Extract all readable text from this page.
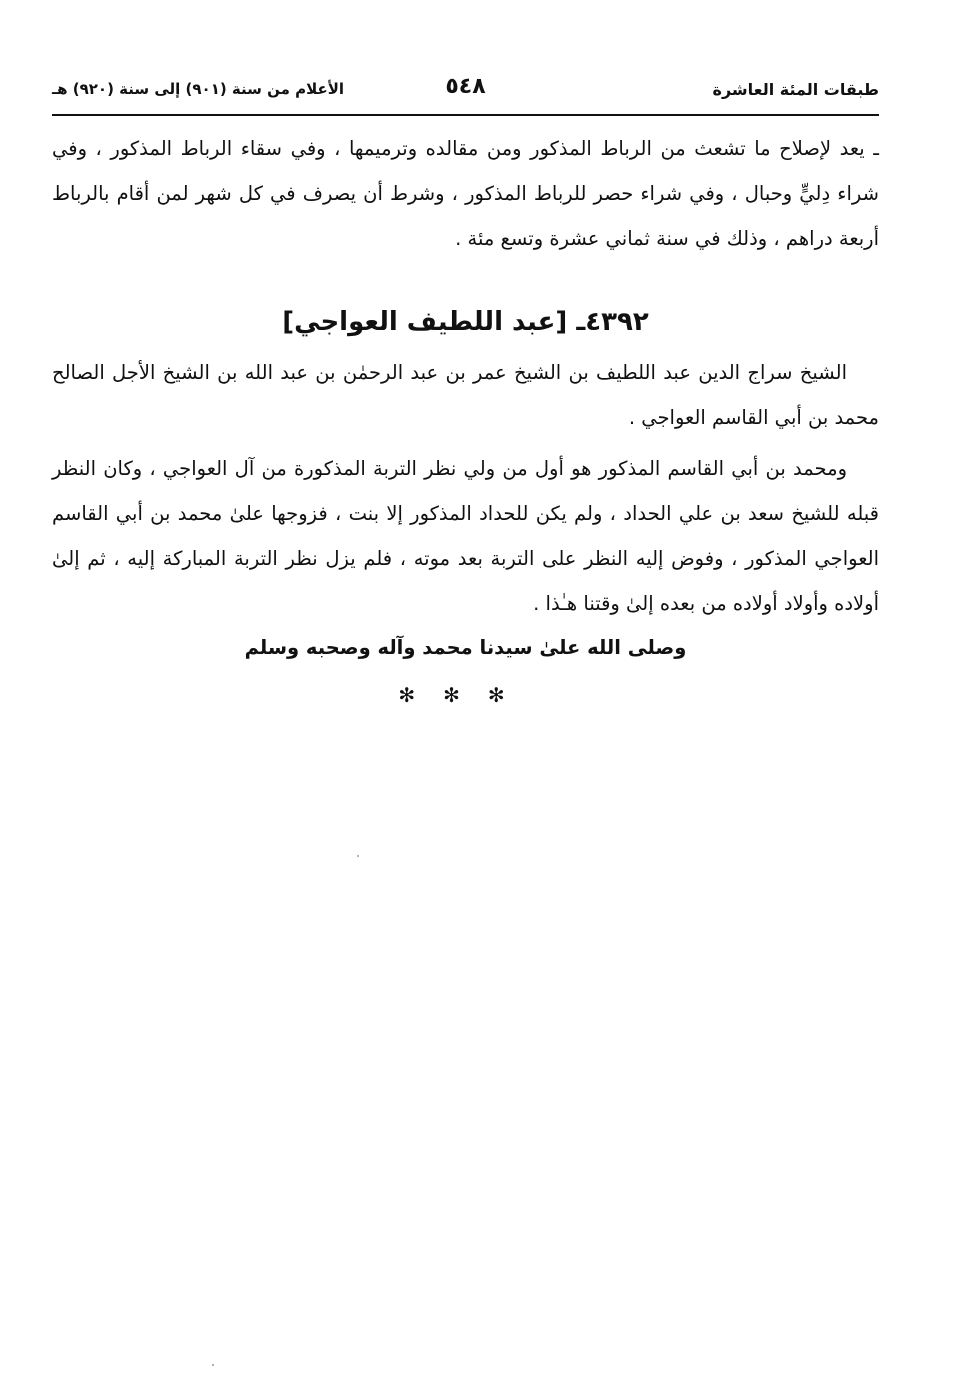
طبقات المئة العاشرة
٥٤٨
الأعلام من سنة (٩٠١) إلى سنة (٩٢٠) هـ

ـ يعد لإصلاح ما تشعث من الرباط المذكور ومن مقالده وترميمها ، وفي سقاء الرباط المذكور ، وفي شراء دِليٍّ وحبال ، وفي شراء حصر للرباط المذكور ، وشرط أن يصرف في كل شهر لمن أقام بالرباط أربعة دراهم ، وذلك في سنة ثماني عشرة وتسع مئة .

٤٣٩٢ـ [عبد اللطيف العواجي]

الشيخ سراج الدين عبد اللطيف بن الشيخ عمر بن عبد الرحمٰن بن عبد الله بن الشيخ الأجل الصالح محمد بن أبي القاسم العواجي .

ومحمد بن أبي القاسم المذكور هو أول من ولي نظر التربة المذكورة من آل العواجي ، وكان النظر قبله للشيخ سعد بن علي الحداد ، ولم يكن للحداد المذكور إلا بنت ، فزوجها علىٰ محمد بن أبي القاسم العواجي المذكور ، وفوض إليه النظر على التربة بعد موته ، فلم يزل نظر التربة المباركة إليه ، ثم إلىٰ أولاده وأولاد أولاده من بعده إلىٰ وقتنا هـٰذا .

وصلى الله علىٰ سيدنا محمد وآله وصحبه وسلم
✻✻✻
